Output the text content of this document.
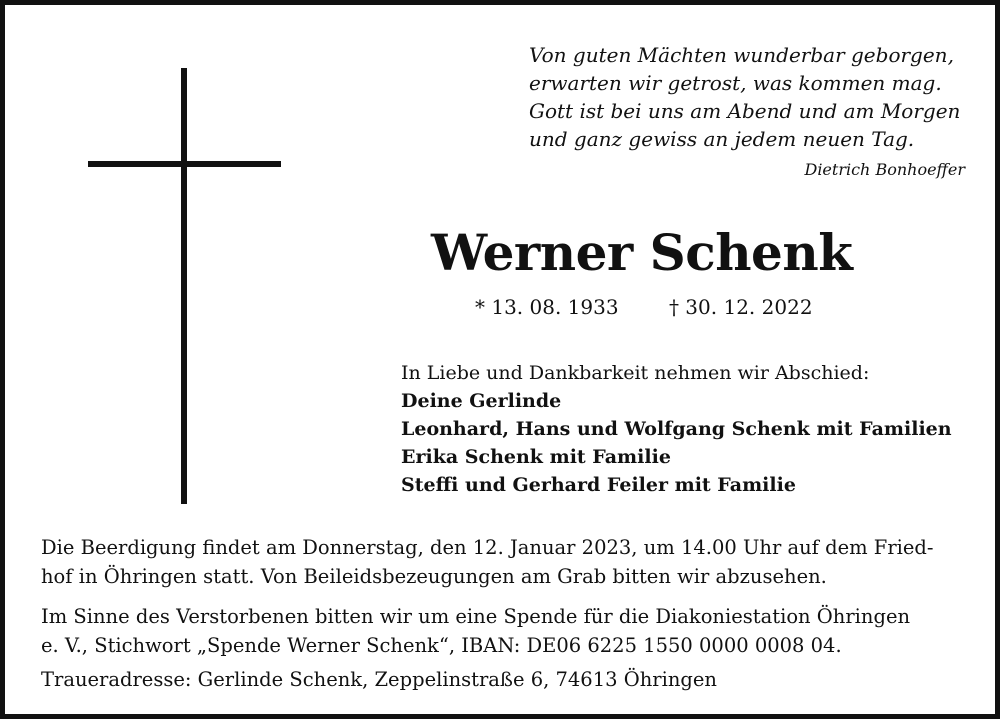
Von guten Mächten wunderbar geborgen,
erwarten wir getrost, was kommen mag.
Gott ist bei uns am Abend und am Morgen
und ganz gewiss an jedem neuen Tag.
Dietrich Bonhoeffer
Werner Schenk
* 13. 08. 1933	† 30. 12. 2022
In Liebe und Dankbarkeit nehmen wir Abschied:
Deine Gerlinde
Leonhard, Hans und Wolfgang Schenk mit Familien
Erika Schenk mit Familie
Steffi und Gerhard Feiler mit Familie
Die Beerdigung findet am Donnerstag, den 12. Januar 2023, um 14.00 Uhr auf dem Fried-
hof in Öhringen statt. Von Beileidsbezeugungen am Grab bitten wir abzusehen.
Im Sinne des Verstorbenen bitten wir um eine Spende für die Diakoniestation Öhringen
e. V., Stichwort „Spende Werner Schenk“, IBAN: DE06 6225 1550 0000 0008 04.
Traueradresse: Gerlinde Schenk, Zeppelinstraße 6, 74613 Öhringen
